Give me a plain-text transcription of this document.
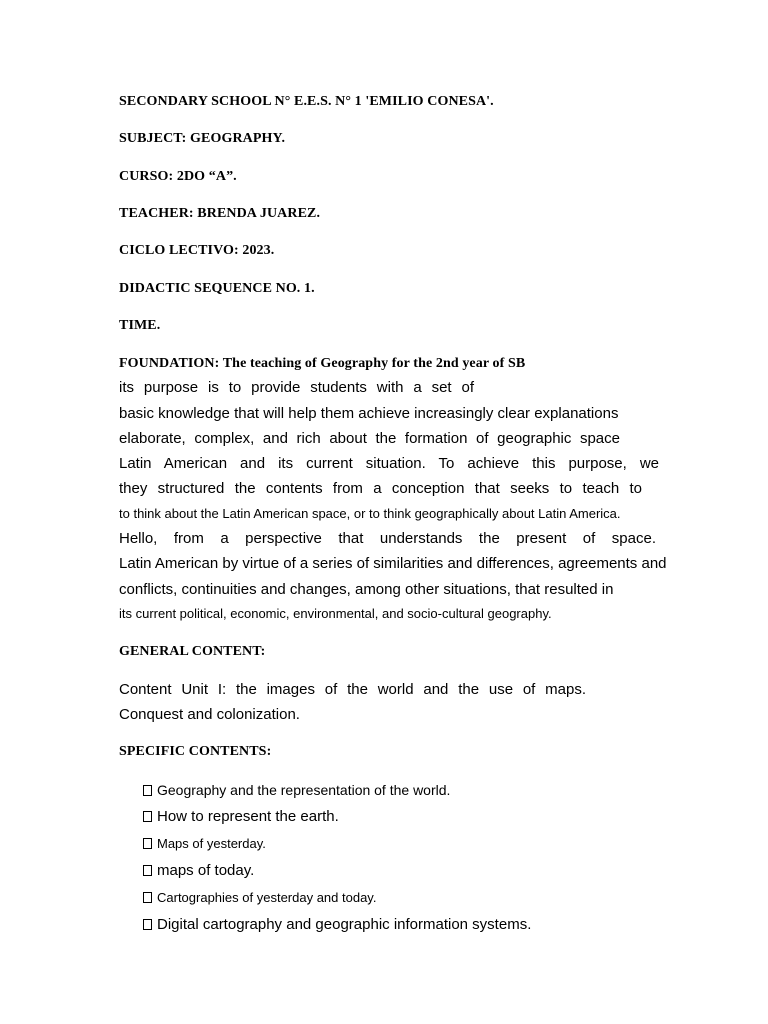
SECONDARY SCHOOL N° E.E.S. N° 1 'EMILIO CONESA'.
SUBJECT: GEOGRAPHY.
CURSO: 2DO “A”.
TEACHER: BRENDA JUAREZ.
CICLO LECTIVO: 2023.
DIDACTIC SEQUENCE NO. 1.
TIME.
FOUNDATION: The teaching of Geography for the 2nd year of SB
its purpose is to provide students with a set of
basic knowledge that will help them achieve increasingly clear explanations
elaborate, complex, and rich about the formation of geographic space
Latin American and its current situation. To achieve this purpose, we
they structured the contents from a conception that seeks to teach to
to think about the Latin American space, or to think geographically about Latin America.
Hello, from a perspective that understands the present of space.
Latin American by virtue of a series of similarities and differences, agreements and
conflicts, continuities and changes, among other situations, that resulted in
its current political, economic, environmental, and socio-cultural geography.
GENERAL CONTENT:
Content Unit I: the images of the world and the use of maps.
Conquest and colonization.
SPECIFIC CONTENTS:
Geography and the representation of the world.
How to represent the earth.
Maps of yesterday.
maps of today.
Cartographies of yesterday and today.
Digital cartography and geographic information systems.
